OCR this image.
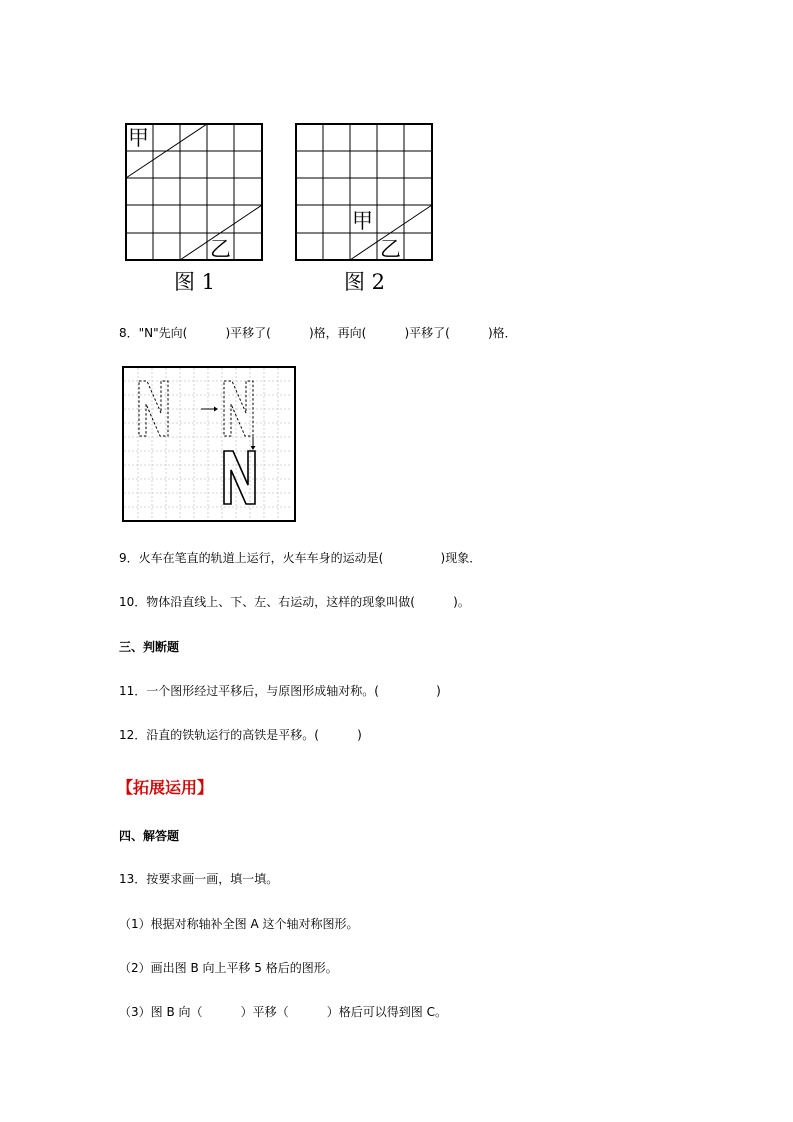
甲
乙
图 1
甲
乙
图 2
8．"N"先向(          )平移了(          )格，再向(          )平移了(          )格．
9．火车在笔直的轨道上运行，火车车身的运动是(               )现象．
10．物体沿直线上、下、左、右运动，这样的现象叫做(          )。
三、判断题
11．一个图形经过平移后，与原图形成轴对称。(               )
12．沿直的铁轨运行的高铁是平移。(          )
【拓展运用】
四、解答题
13．按要求画一画，填一填。
（1）根据对称轴补全图 A 这个轴对称图形。
（2）画出图 B 向上平移 5 格后的图形。
（3）图 B 向（          ）平移（          ）格后可以得到图 C。
